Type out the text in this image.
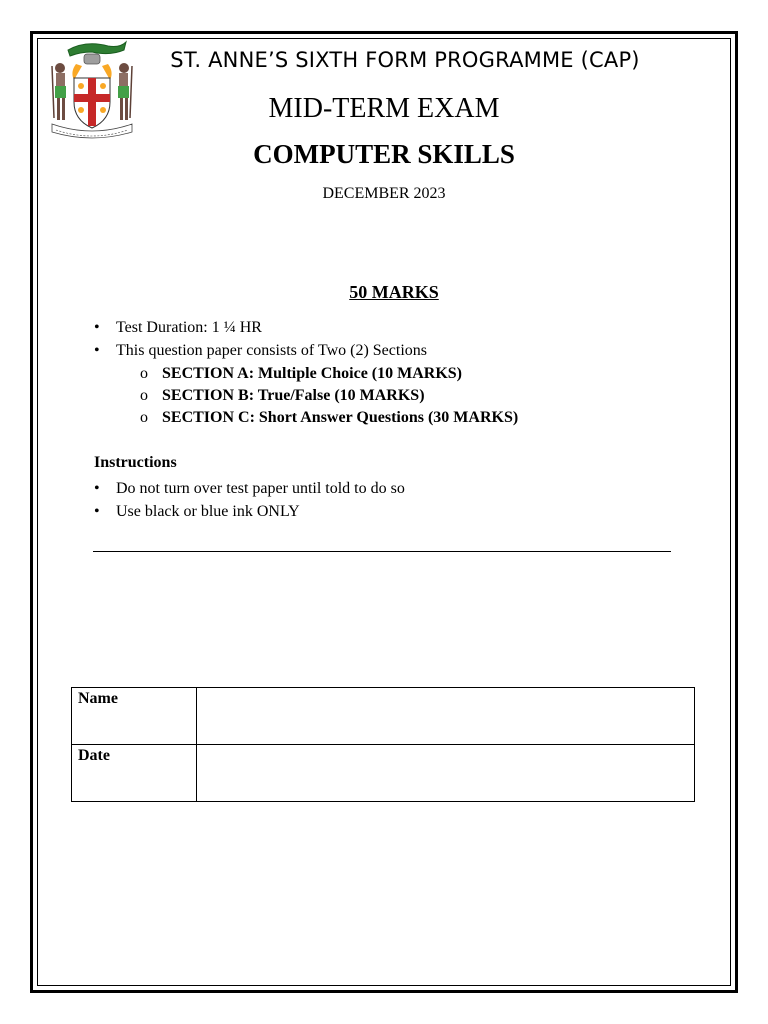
ST. ANNE’S SIXTH FORM PROGRAMME (CAP)
MID-TERM EXAM
COMPUTER SKILLS
DECEMBER 2023
50 MARKS
• Test Duration: 1 ¼ HR
• This question paper consists of Two (2) Sections
o SECTION A: Multiple Choice (10 MARKS)
o SECTION B: True/False (10 MARKS)
o SECTION C: Short Answer Questions (30 MARKS)
Instructions
• Do not turn over test paper until told to do so
• Use black or blue ink ONLY
Name	
Date	
